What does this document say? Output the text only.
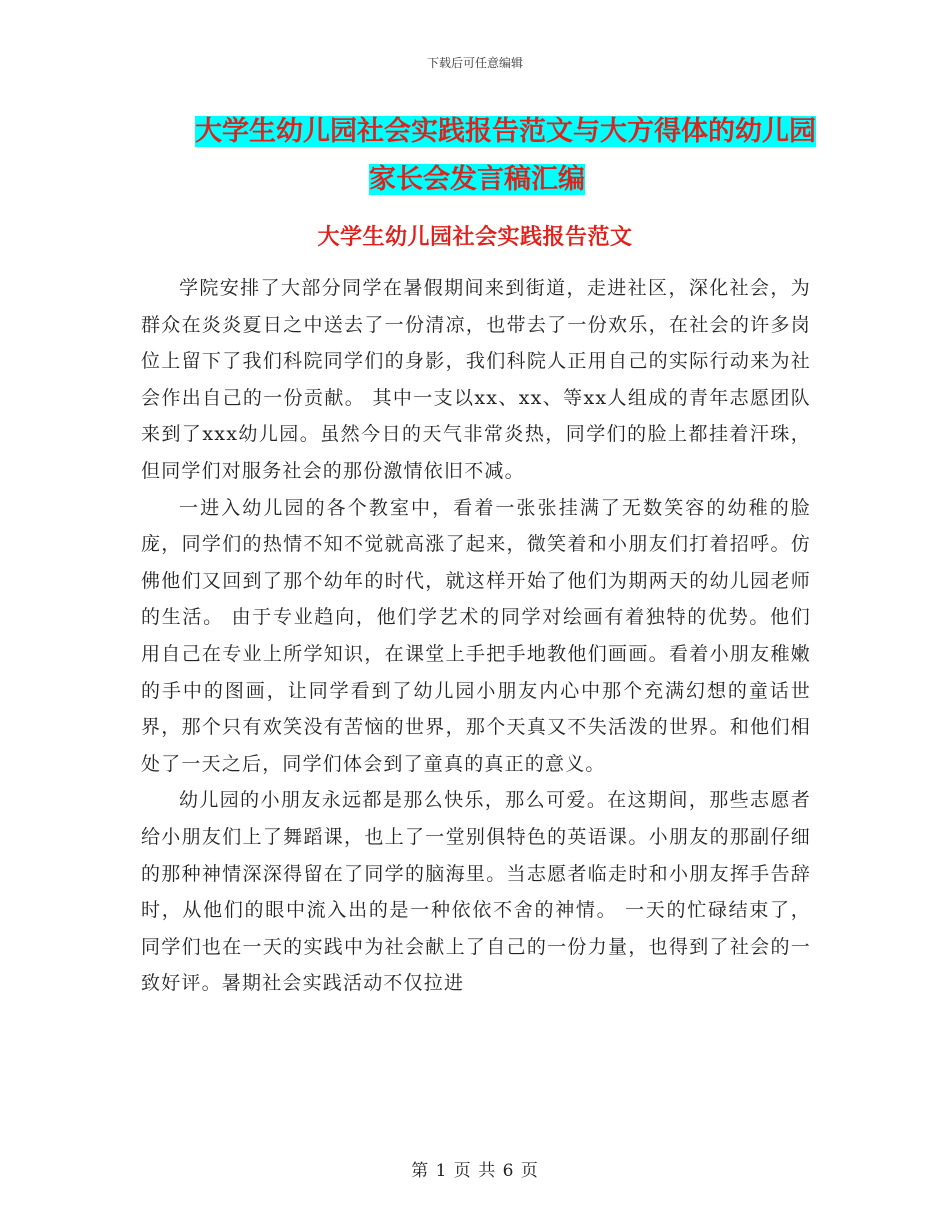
下载后可任意编辑
大学生幼儿园社会实践报告范文与大方得体的幼儿园
家长会发言稿汇编
大学生幼儿园社会实践报告范文

学院安排了大部分同学在暑假期间来到街道，走进社区，深化社会，为群众在炎炎夏日之中送去了一份清凉，也带去了一份欢乐，在社会的许多岗位上留下了我们科院同学们的身影，我们科院人正用自己的实际行动来为社会作出自己的一份贡献。 其中一支以xx、xx、等xx人组成的青年志愿团队来到了xxx幼儿园。虽然今日的天气非常炎热，同学们的脸上都挂着汗珠，但同学们对服务社会的那份激情依旧不减。

一进入幼儿园的各个教室中，看着一张张挂满了无数笑容的幼稚的脸庞，同学们的热情不知不觉就高涨了起来，微笑着和小朋友们打着招呼。仿佛他们又回到了那个幼年的时代，就这样开始了他们为期两天的幼儿园老师的生活。 由于专业趋向，他们学艺术的同学对绘画有着独特的优势。他们用自己在专业上所学知识，在课堂上手把手地教他们画画。看着小朋友稚嫩的手中的图画，让同学看到了幼儿园小朋友内心中那个充满幻想的童话世界，那个只有欢笑没有苦恼的世界，那个天真又不失活泼的世界。和他们相处了一天之后，同学们体会到了童真的真正的意义。

幼儿园的小朋友永远都是那么快乐，那么可爱。在这期间，那些志愿者给小朋友们上了舞蹈课，也上了一堂别俱特色的英语课。小朋友的那副仔细的那种神情深深得留在了同学的脑海里。当志愿者临走时和小朋友挥手告辞时，从他们的眼中流入出的是一种依依不舍的神情。 一天的忙碌结束了，同学们也在一天的实践中为社会献上了自己的一份力量，也得到了社会的一致好评。暑期社会实践活动不仅拉进

第 1 页 共 6 页
